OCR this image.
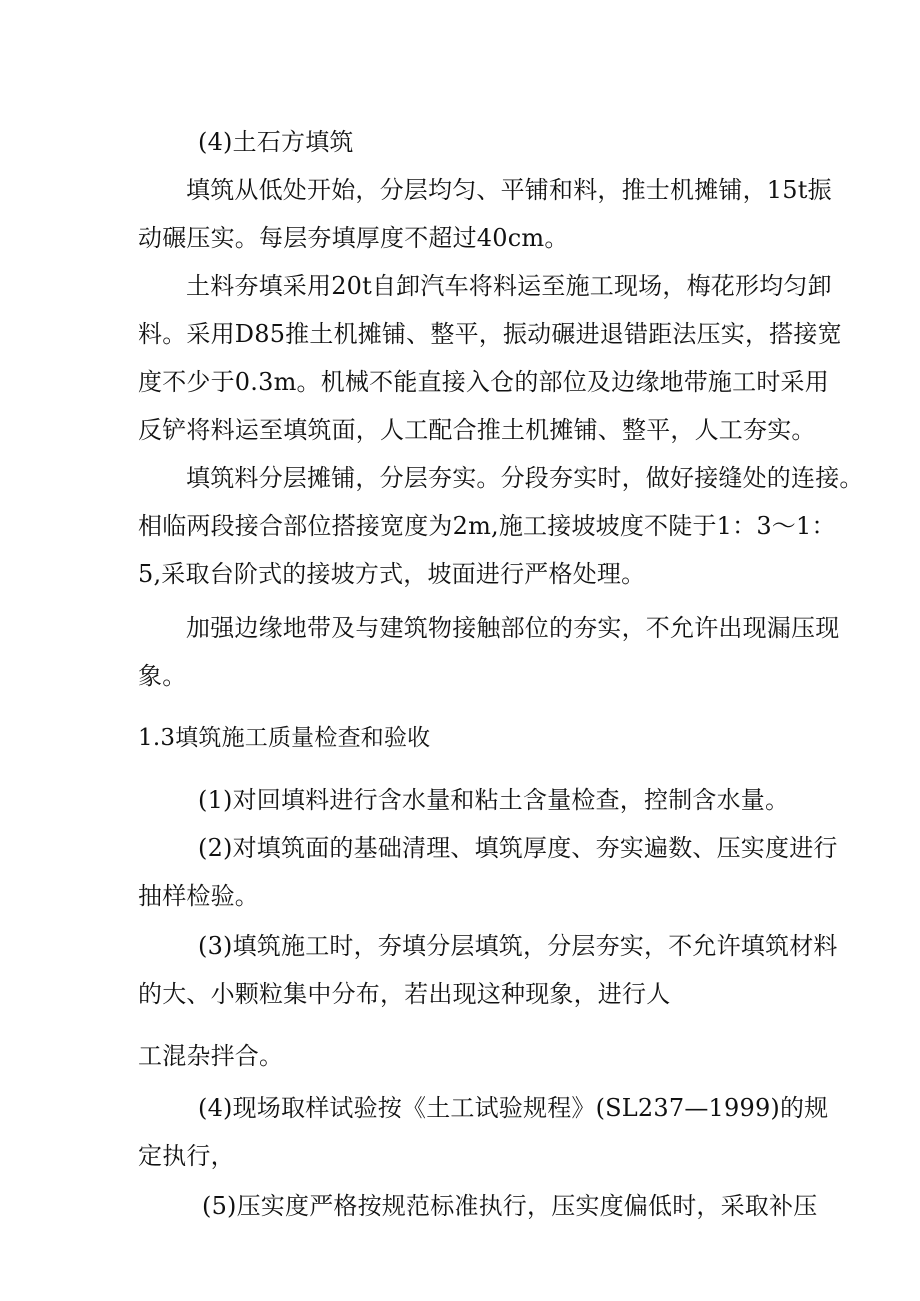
(4)土石方填筑
填筑从低处开始，分层均匀、平铺和料，推士机摊铺，15t振
动碾压实。每层夯填厚度不超过40cm。
土料夯填采用20t自卸汽车将料运至施工现场，梅花形均匀卸
料。采用D85推土机摊铺、整平，振动碾进退错距法压实，搭接宽
度不少于0.3m。机械不能直接入仓的部位及边缘地带施工时采用
反铲将料运至填筑面，人工配合推土机摊铺、整平，人工夯实。
填筑料分层摊铺，分层夯实。分段夯实时，做好接缝处的连接。
相临两段接合部位搭接宽度为2m,施工接坡坡度不陡于1：3～1：
5,采取台阶式的接坡方式，坡面进行严格处理。
加强边缘地带及与建筑物接触部位的夯实，不允许出现漏压现
象。
1.3填筑施工质量检查和验收
(1)对回填料进行含水量和粘土含量检查，控制含水量。
(2)对填筑面的基础清理、填筑厚度、夯实遍数、压实度进行
抽样检验。
(3)填筑施工时，夯填分层填筑，分层夯实，不允许填筑材料
的大、小颗粒集中分布，若出现这种现象，进行人
工混杂拌合。
(4)现场取样试验按《土工试验规程》(SL237—1999)的规
定执行，
(5)压实度严格按规范标准执行，压实度偏低时，采取补压
